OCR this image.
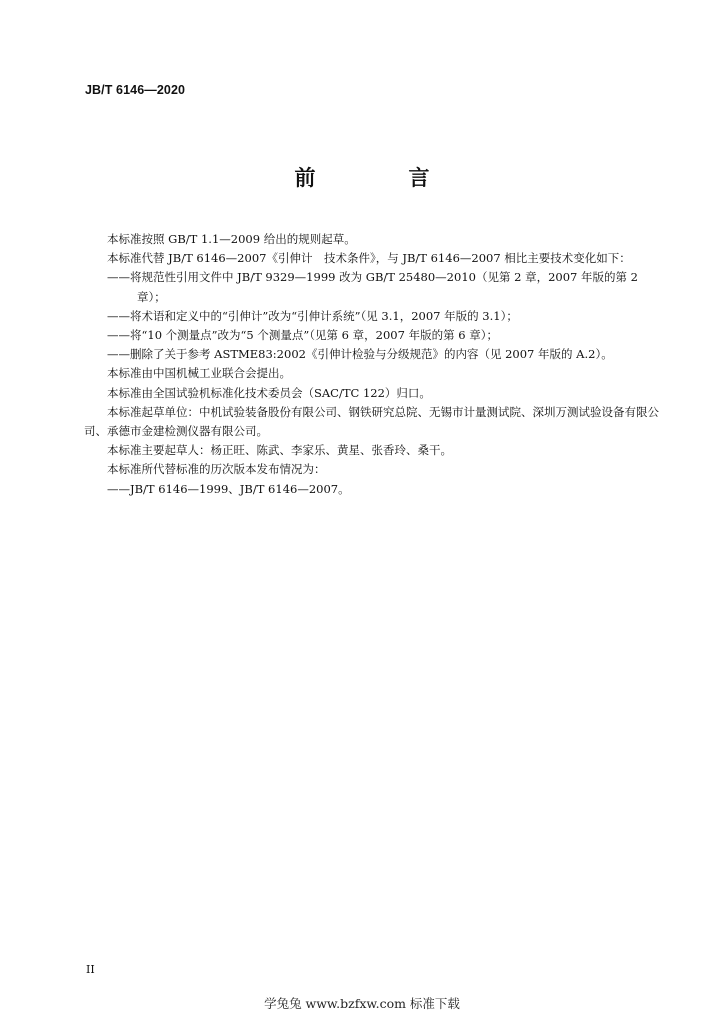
JB/T 6146—2020
前　言

本标准按照 GB/T 1.1—2009 给出的规则起草。

本标准代替 JB/T 6146—2007《引伸计　技术条件》，与 JB/T 6146—2007 相比主要技术变化如下：

——将规范性引用文件中 JB/T 9329—1999 改为 GB/T 25480—2010（见第 2 章，2007 年版的第 2 章）；

——将术语和定义中的“引伸计”改为“引伸计系统”（见 3.1，2007 年版的 3.1）；

——将“10 个测量点”改为“5 个测量点”（见第 6 章，2007 年版的第 6 章）；

——删除了关于参考 ASTME83:2002《引伸计检验与分级规范》的内容（见 2007 年版的 A.2）。

本标准由中国机械工业联合会提出。

本标准由全国试验机标准化技术委员会（SAC/TC 122）归口。

本标准起草单位：中机试验装备股份有限公司、钢铁研究总院、无锡市计量测试院、深圳万测试验设备有限公司、承德市金建检测仪器有限公司。

本标准主要起草人：杨正旺、陈武、李家乐、黄星、张香玲、桑干。

本标准所代替标准的历次版本发布情况为：

——JB/T 6146—1999、JB/T 6146—2007。

II
学兔兔 www.bzfxw.com 标准下载
